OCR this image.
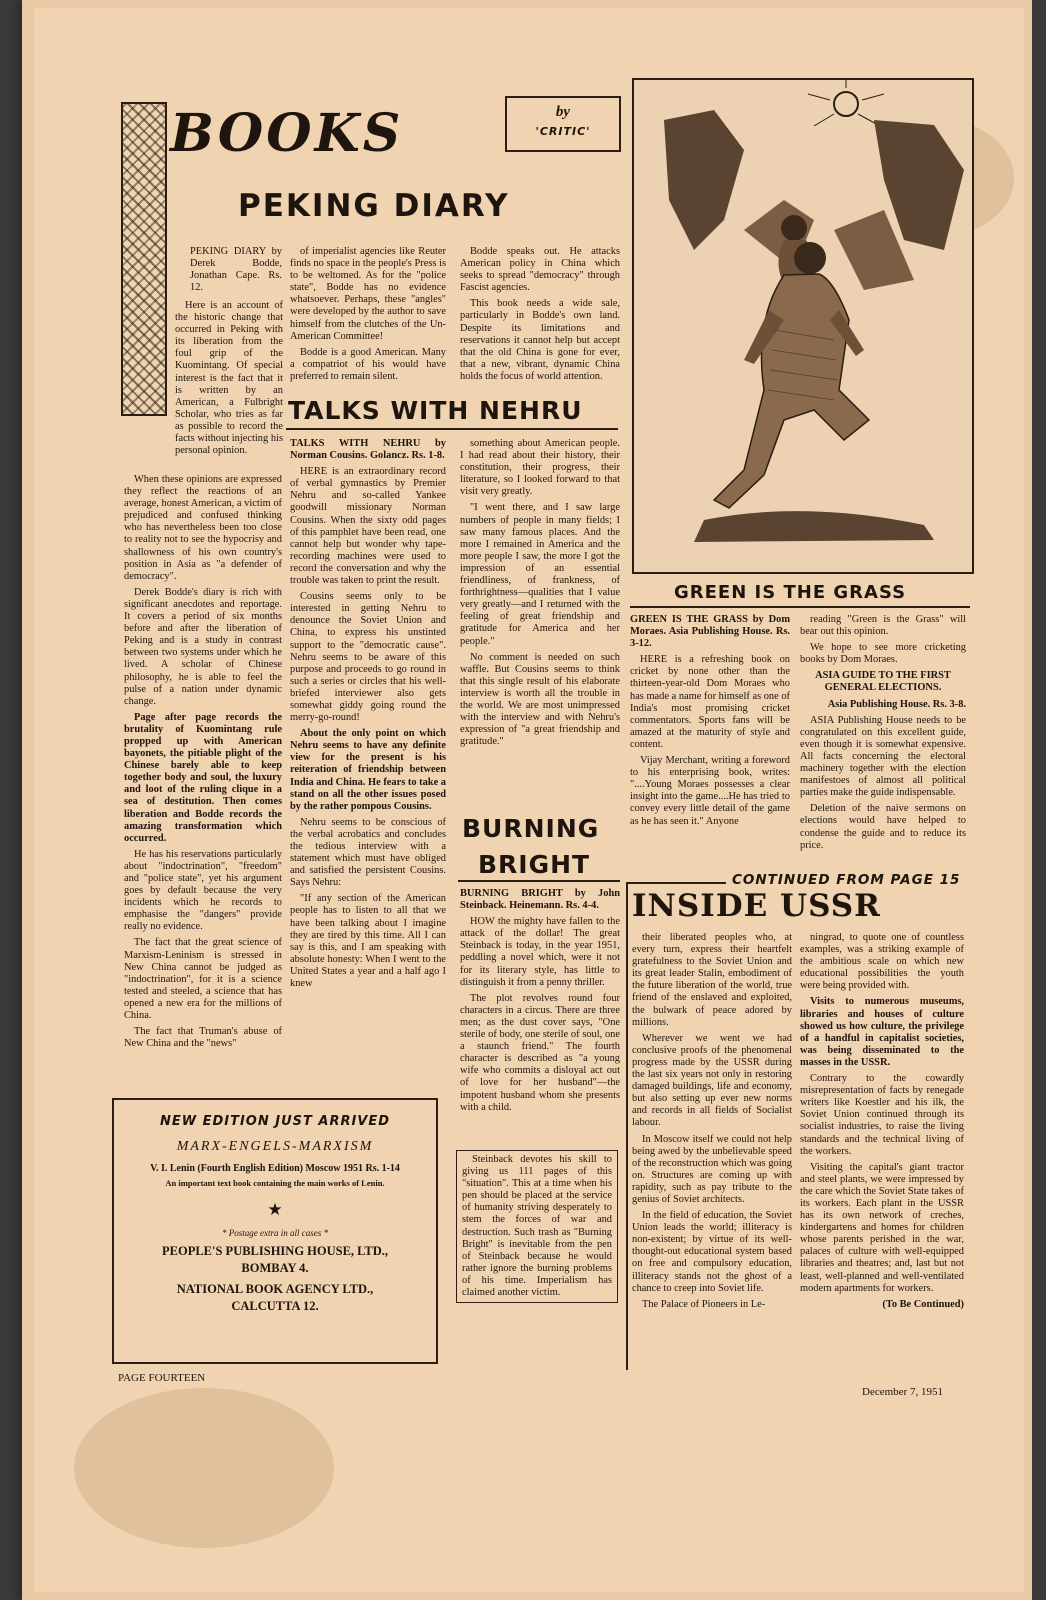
BOOKS	by
'CRITIC'
PEKING DIARY

PEKING DIARY by Derek Bodde, Jonathan Cape. Rs. 12.

Here is an account of the historic change that occurred in Peking with its liberation from the foul grip of the Kuomintang. Of special interest is the fact that it is written by an American, a Fulbright Scholar, who tries as far as possible to record the facts without injecting his personal opinion.

When these opinions are expressed they reflect the reactions of an average, honest American, a victim of prejudiced and confused thinking who has nevertheless been too close to reality not to see the hypocrisy and shallowness of his own country's position in Asia as "a defender of democracy".

Derek Bodde's diary is rich with significant anecdotes and reportage. It covers a period of six months before and after the liberation of Peking and is a study in contrast between two systems under which he lived. A scholar of Chinese philosophy, he is able to feel the pulse of a nation under dynamic change.

Page after page records the brutality of Kuomintang rule propped up with American bayonets, the pitiable plight of the Chinese barely able to keep together body and soul, the luxury and loot of the ruling clique in a sea of destitution. Then comes liberation and Bodde records the amazing transformation which occurred.

He has his reservations particularly about "indoctrination", "freedom" and "police state", yet his argument goes by default because the very incidents which he records to emphasise the "dangers" provide really no evidence.

The fact that the great science of Marxism-Leninism is stressed in New China cannot be judged as "indoctrination", for it is a science tested and steeled, a science that has opened a new era for the millions of China.

The fact that Truman's abuse of New China and the "news"

of imperialist agencies like Reuter finds no space in the people's Press is to be weltomed. As for the "police state", Bodde has no evidence whatsoever. Perhaps, these "angles" were developed by the author to save himself from the clutches of the Un-American Committee!

Bodde is a good American. Many a compatriot of his would have preferred to remain silent.

Bodde speaks out. He attacks American policy in China which seeks to spread "democracy" through Fascist agencies.

This book needs a wide sale, particularly in Bodde's own land. Despite its limitations and reservations it cannot help but accept that the old China is gone for ever, that a new, vibrant, dynamic China holds the focus of world attention.

TALKS WITH NEHRU

TALKS WITH NEHRU by Norman Cousins. Golancz. Rs. 1-8.

HERE is an extraordinary record of verbal gymnastics by Premier Nehru and so-called Yankee goodwill missionary Norman Cousins. When the sixty odd pages of this pamphlet have been read, one cannot help but wonder why tape-recording machines were used to record the conversation and why the trouble was taken to print the result.

Cousins seems only to be interested in getting Nehru to denounce the Soviet Union and China, to express his unstinted support to the "democratic cause". Nehru seems to be aware of this purpose and proceeds to go round in such a series or circles that his well-briefed interviewer also gets somewhat giddy going round the merry-go-round!

About the only point on which Nehru seems to have any definite view for the present is his reiteration of friendship between India and China. He fears to take a stand on all the other issues posed by the rather pompous Cousins.

Nehru seems to be conscious of the verbal acrobatics and concludes the tedious interview with a statement which must have obliged and satisfied the persistent Cousins. Says Nehru:

"If any section of the American people has to listen to all that we have been talking about I imagine they are tired by this time. All I can say is this, and I am speaking with absolute honesty: When I went to the United States a year and a half ago I knew

something about American people. I had read about their history, their constitution, their progress, their literature, so I looked forward to that visit very greatly.

"I went there, and I saw large numbers of people in many fields; I saw many famous places. And the more I remained in America and the more people I saw, the more I got the impression of an essential friendliness, of frankness, of forthrightness—qualities that I value very greatly—and I returned with the feeling of great friendship and gratitude for America and her people."

No comment is needed on such waffle. But Cousins seems to think that this single result of his elaborate interview is worth all the trouble in the world. We are most unimpressed with the interview and with Nehru's expression of "a great friendship and gratitude."

BURNING
BRIGHT

BURNING BRIGHT by John Steinback. Heinemann. Rs. 4-4.

HOW the mighty have fallen to the attack of the dollar! The great Steinback is today, in the year 1951, peddling a novel which, were it not for its literary style, has little to distinguish it from a penny thriller.

The plot revolves round four characters in a circus. There are three men; as the dust cover says, "One sterile of body, one sterile of soul, one a staunch friend." The fourth character is described as "a young wife who commits a disloyal act out of love for her husband"—the impotent husband whom she presents with a child.

Steinback devotes his skill to giving us 111 pages of this "situation". This at a time when his pen should be placed at the service of humanity striving desperately to stem the forces of war and destruction. Such trash as "Burning Bright" is inevitable from the pen of Steinback because he would rather ignore the burning problems of his time. Imperialism has claimed another victim.

GREEN IS THE GRASS

GREEN IS THE GRASS by Dom Moraes. Asia Publishing House. Rs. 3-12.

HERE is a refreshing book on cricket by none other than the thirteen-year-old Dom Moraes who has made a name for himself as one of India's most promising cricket commentators. Sports fans will be amazed at the maturity of style and content.

Vijay Merchant, writing a foreword to his enterprising book, writes: "....Young Moraes possesses a clear insight into the game....He has tried to convey every little detail of the game as he has seen it." Anyone

reading "Green is the Grass" will bear out this opinion.

We hope to see more cricketing books by Dom Moraes.

ASIA GUIDE TO THE FIRST GENERAL ELECTIONS.

Asia Publishing House. Rs. 3-8.

ASIA Publishing House needs to be congratulated on this excellent guide, even though it is somewhat expensive. All facts concerning the electoral machinery together with the election manifestoes of almost all political parties make the guide indispensable.

Deletion of the naive sermons on elections would have helped to condense the guide and to reduce its price.

CONTINUED FROM PAGE 15
INSIDE USSR

their liberated peoples who, at every turn, express their heartfelt gratefulness to the Soviet Union and its great leader Stalin, embodiment of the future liberation of the world, true friend of the enslaved and exploited, the bulwark of peace adored by millions.

Wherever we went we had conclusive proofs of the phenomenal progress made by the USSR during the last six years not only in restoring damaged buildings, life and economy, but also setting up ever new norms and records in all fields of Socialist labour.

In Moscow itself we could not help being awed by the unbelievable speed of the reconstruction which was going on. Structures are coming up with rapidity, such as pay tribute to the genius of Soviet architects.

In the field of education, the Soviet Union leads the world; illiteracy is non-existent; by virtue of its well-thought-out educational system based on free and compulsory education, illiteracy stands not the ghost of a chance to creep into Soviet life.

The Palace of Pioneers in Le-

ningrad, to quote one of countless examples, was a striking example of the ambitious scale on which new educational possibilities the youth were being provided with.

Visits to numerous museums, libraries and houses of culture showed us how culture, the privilege of a handful in capitalist societies, was being disseminated to the masses in the USSR.

Contrary to the cowardly misrepresentation of facts by renegade writers like Koestler and his ilk, the Soviet Union continued through its socialist industries, to raise the living standards and the technical living of the workers.

Visiting the capital's giant tractor and steel plants, we were impressed by the care which the Soviet State takes of its workers. Each plant in the USSR has its own network of creches, kindergartens and homes for children whose parents perished in the war, palaces of culture with well-equipped libraries and theatres; and, last but not least, well-planned and well-ventilated modern apartments for workers.

(To Be Continued)

NEW EDITION JUST ARRIVED
MARX-ENGELS-MARXISM
V. I. Lenin (Fourth English Edition) Moscow 1951 Rs. 1-14
An important text book containing the main works of Lenin.
★
* Postage extra in all cases *
PEOPLE'S PUBLISHING HOUSE, LTD.,
BOMBAY 4.
NATIONAL BOOK AGENCY LTD.,
CALCUTTA 12.
PAGE FOURTEEN
December 7, 1951
